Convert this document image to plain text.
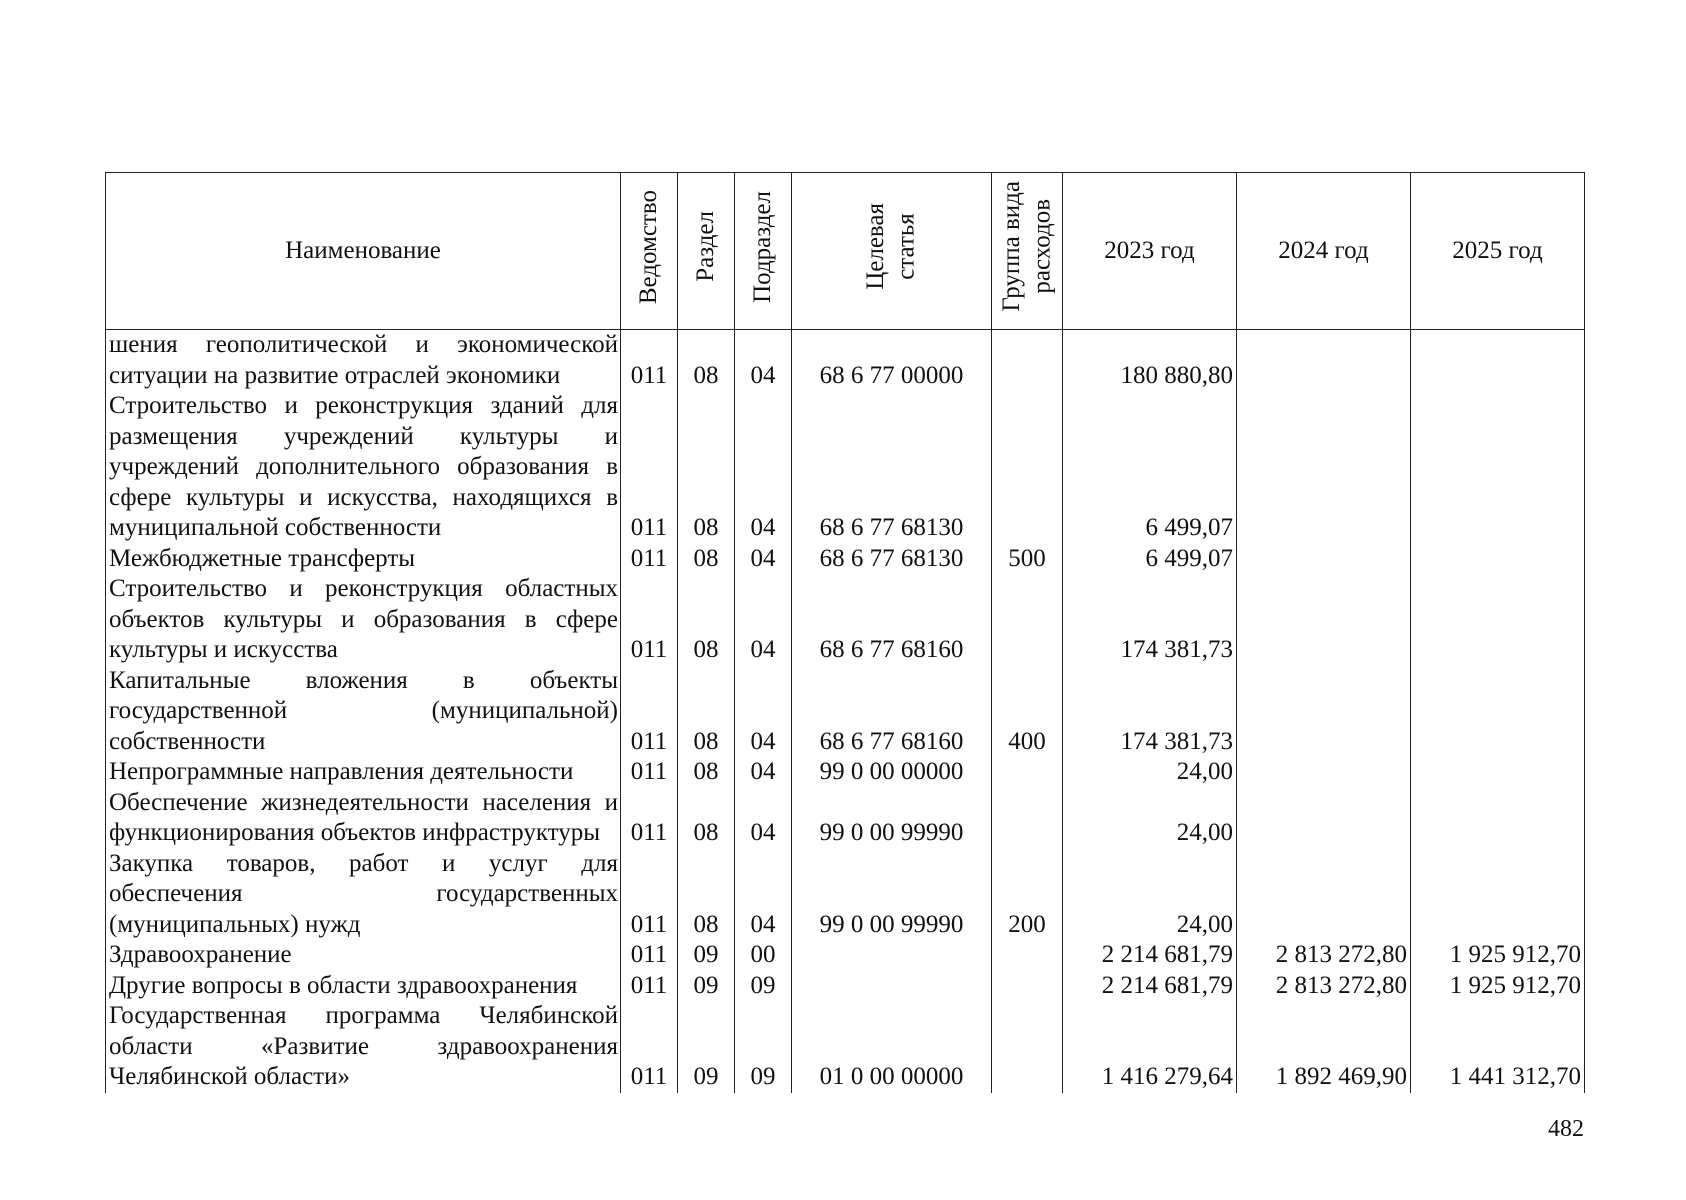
Наименование	Ведомство	Раздел	Подраздел	Целевая статья	Группа вида расходов	2023 год	2024 год	2025 год
шения геополитической и экономической ситуации на развитие отраслей экономики	011	08	04	68 6 77 00000		180 880,80		
Строительство и реконструкция зданий для размещения учреждений культуры и учреждений дополнительного образования в сфере культуры и искусства, находящихся в муниципальной собственности	011	08	04	68 6 77 68130		6 499,07		
Межбюджетные трансферты	011	08	04	68 6 77 68130	500	6 499,07		
Строительство и реконструкция областных объектов культуры и образования в сфере культуры и искусства	011	08	04	68 6 77 68160		174 381,73		
Капитальные вложения в объекты государственной (муниципальной) собственности	011	08	04	68 6 77 68160	400	174 381,73		
Непрограммные направления деятельности	011	08	04	99 0 00 00000		24,00		
Обеспечение жизнедеятельности населения и функционирования объектов инфраструктуры	011	08	04	99 0 00 99990		24,00		
Закупка товаров, работ и услуг для обеспечения государственных (муниципальных) нужд	011	08	04	99 0 00 99990	200	24,00		
Здравоохранение	011	09	00			2 214 681,79	2 813 272,80	1 925 912,70
Другие вопросы в области здравоохранения	011	09	09			2 214 681,79	2 813 272,80	1 925 912,70
Государственная программа Челябинской области «Развитие здравоохранения Челябинской области»	011	09	09	01 0 00 00000		1 416 279,64	1 892 469,90	1 441 312,70
482
